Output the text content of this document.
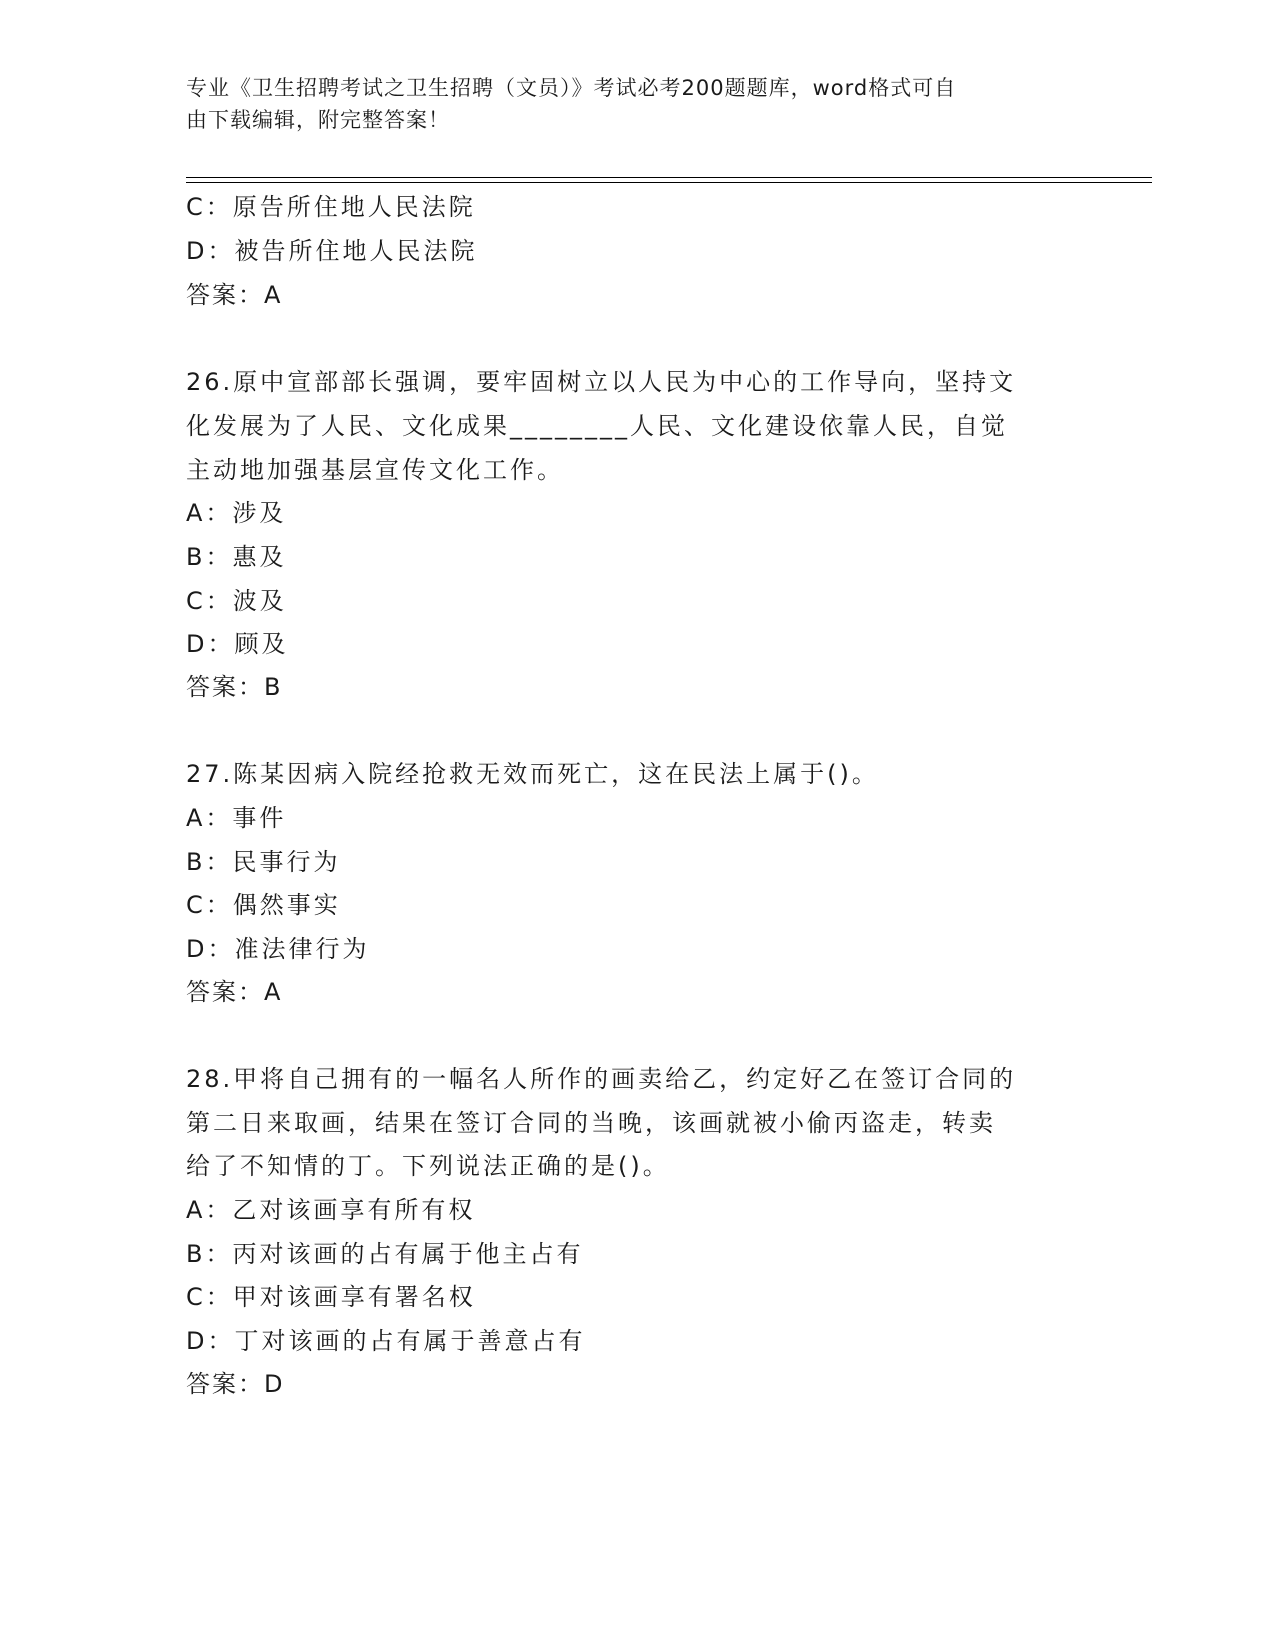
专业《卫生招聘考试之卫生招聘（文员）》考试必考200题题库，word格式可自
由下载编辑，附完整答案！
C：原告所住地人民法院
D：被告所住地人民法院
答案：A
26.原中宣部部长强调，要牢固树立以人民为中心的工作导向，坚持文
化发展为了人民、文化成果________人民、文化建设依靠人民，自觉
主动地加强基层宣传文化工作。
A：涉及
B：惠及
C：波及
D：顾及
答案：B
27.陈某因病入院经抢救无效而死亡，这在民法上属于()。
A：事件
B：民事行为
C：偶然事实
D：准法律行为
答案：A
28.甲将自己拥有的一幅名人所作的画卖给乙，约定好乙在签订合同的
第二日来取画，结果在签订合同的当晚，该画就被小偷丙盗走，转卖
给了不知情的丁。下列说法正确的是()。
A：乙对该画享有所有权
B：丙对该画的占有属于他主占有
C：甲对该画享有署名权
D：丁对该画的占有属于善意占有
答案：D
